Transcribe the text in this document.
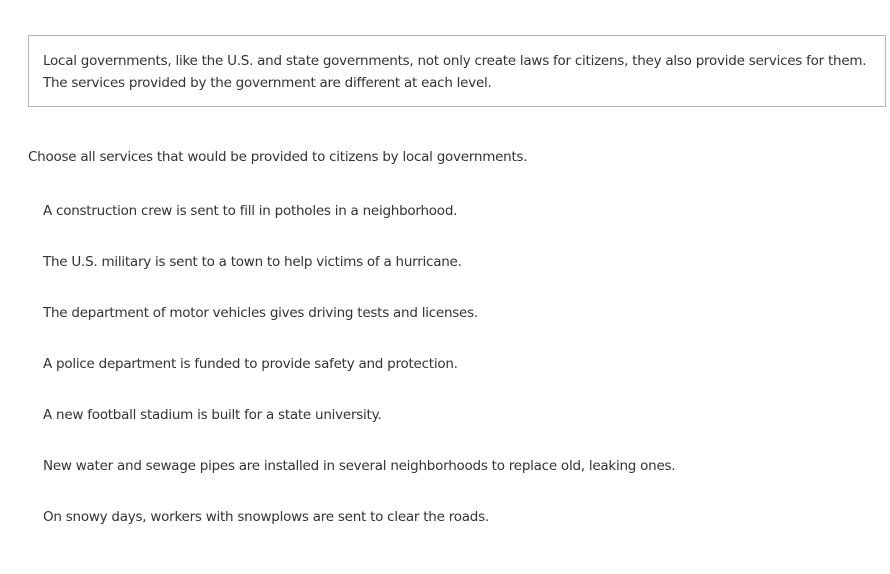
Local governments, like the U.S. and state governments, not only create laws for citizens, they also provide services for them. The services provided by the government are different at each level.
Choose all services that would be provided to citizens by local governments.
A construction crew is sent to fill in potholes in a neighborhood.
The U.S. military is sent to a town to help victims of a hurricane.
The department of motor vehicles gives driving tests and licenses.
A police department is funded to provide safety and protection.
A new football stadium is built for a state university.
New water and sewage pipes are installed in several neighborhoods to replace old, leaking ones.
On snowy days, workers with snowplows are sent to clear the roads.
